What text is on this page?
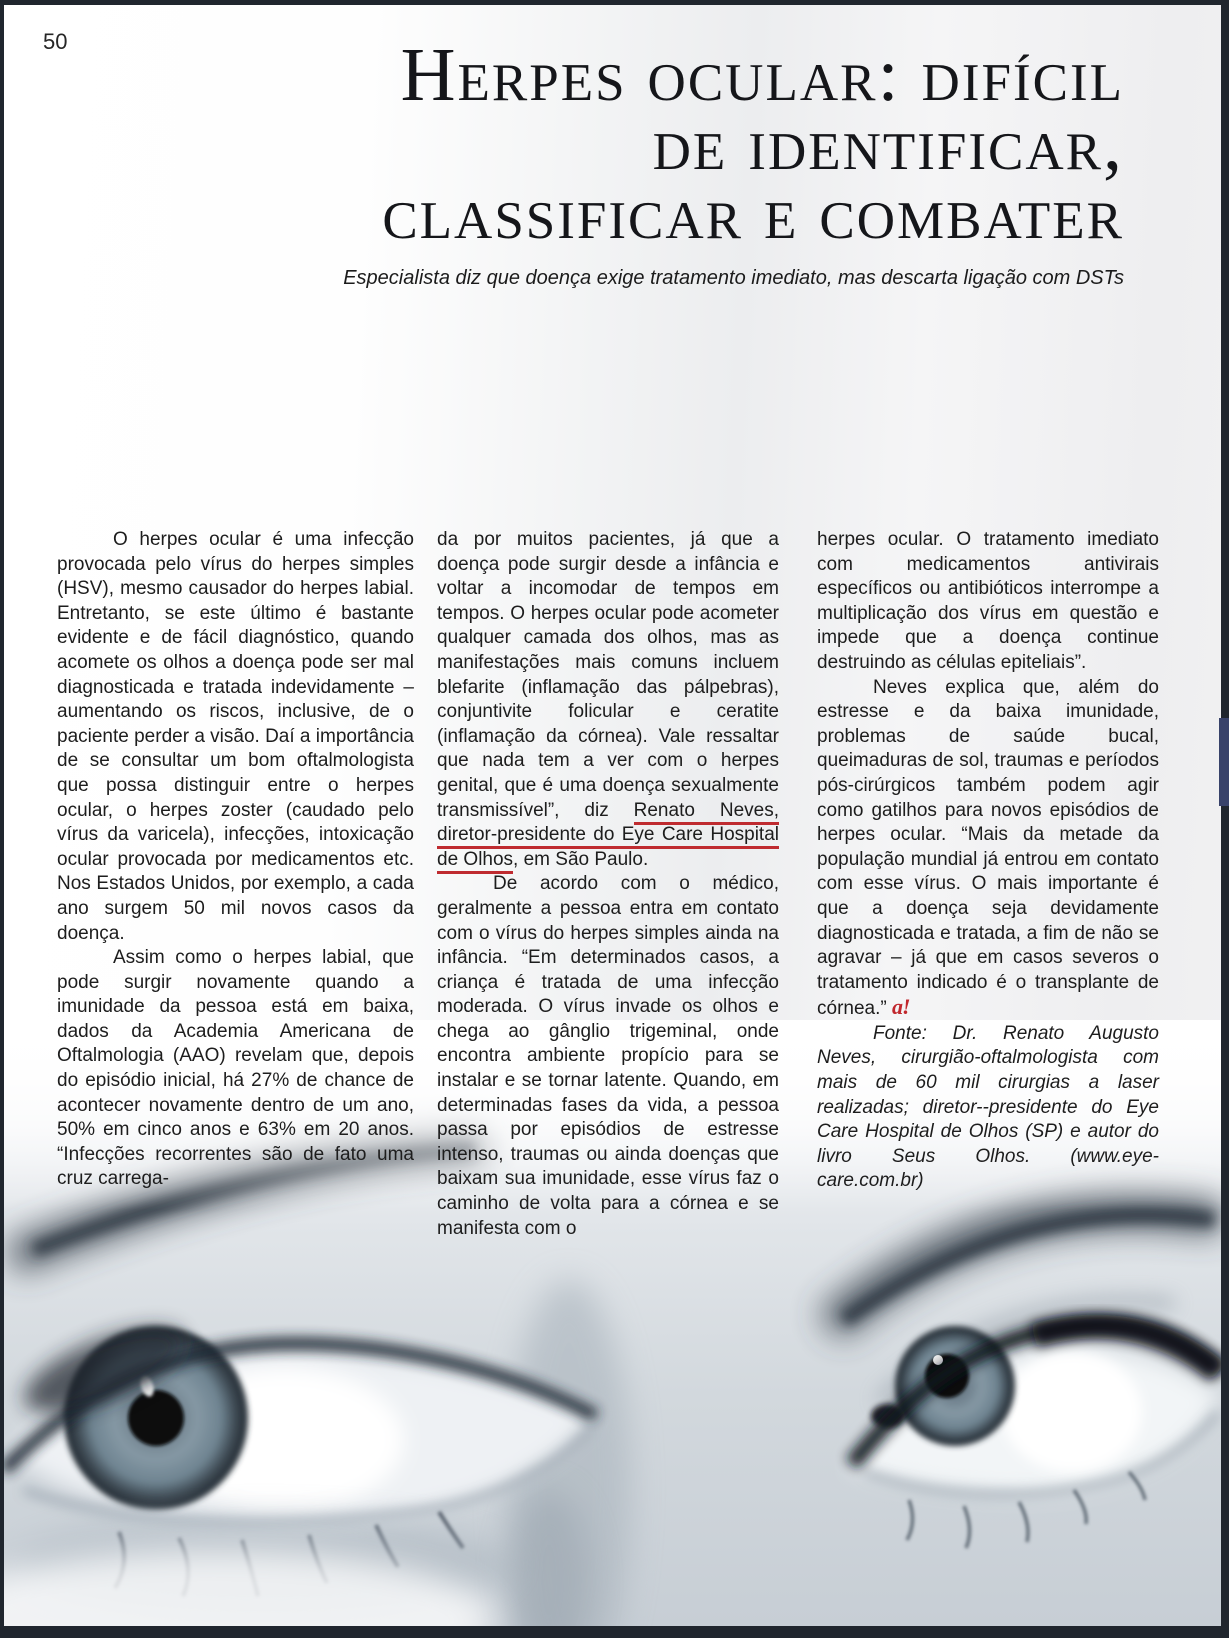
50	Herpes ocular: difícil
de identificar,
classificar e combater
Especialista diz que doença exige tratamento imediato, mas descarta ligação com DSTs

O herpes ocular é uma infecção provocada pelo vírus do herpes simples (HSV), mesmo causador do herpes labial. Entretanto, se este último é bastante evidente e de fácil diagnóstico, quando acomete os olhos a doença pode ser mal diagnosticada e tratada indevidamente – aumentando os riscos, inclusive, de o paciente perder a visão. Daí a importância de se consultar um bom oftalmologista que possa distinguir entre o herpes ocular, o herpes zoster (caudado pelo vírus da varicela), infecções, intoxicação ocular provocada por medicamentos etc. Nos Estados Unidos, por exemplo, a cada ano surgem 50 mil novos casos da doença.

Assim como o herpes labial, que pode surgir novamente quando a imunidade da pessoa está em baixa, dados da Academia Americana de Oftalmologia (AAO) revelam que, depois do episódio inicial, há 27% de chance de acontecer novamente dentro de um ano, 50% em cinco anos e 63% em 20 anos. “Infecções recorrentes são de fato uma cruz carrega-

da por muitos pacientes, já que a doença pode surgir desde a infância e voltar a incomodar de tempos em tempos. O herpes ocular pode acometer qualquer camada dos olhos, mas as manifestações mais comuns incluem blefarite (inflamação das pálpebras), conjuntivite folicular e ceratite (inflamação da córnea). Vale ressaltar que nada tem a ver com o herpes genital, que é uma doença sexualmente transmissível”, diz Renato Neves, diretor-presidente do Eye Care Hospital de Olhos, em São Paulo.

De acordo com o médico, geralmente a pessoa entra em contato com o vírus do herpes simples ainda na infância. “Em determinados casos, a criança é tratada de uma infecção moderada. O vírus invade os olhos e chega ao gânglio trigeminal, onde encontra ambiente propício para se instalar e se tornar latente. Quando, em determinadas fases da vida, a pessoa passa por episódios de estresse intenso, traumas ou ainda doenças que baixam sua imunidade, esse vírus faz o caminho de volta para a córnea e se manifesta com o

herpes ocular. O tratamento imediato com medicamentos antivirais específicos ou antibióticos interrompe a multiplicação dos vírus em questão e impede que a doença continue destruindo as células epiteliais”.

Neves explica que, além do estresse e da baixa imunidade, problemas de saúde bucal, queimaduras de sol, traumas e períodos pós-cirúrgicos também podem agir como gatilhos para novos episódios de herpes ocular. “Mais da metade da população mundial já entrou em contato com esse vírus. O mais importante é que a doença seja devidamente diagnosticada e tratada, a fim de não se agravar – já que em casos severos o tratamento indicado é o transplante de córnea.” a!

Fonte: Dr. Renato Augusto Neves, cirurgião-oftalmologista com mais de 60 mil cirurgias a laser realizadas; diretor--presidente do Eye Care Hospital de Olhos (SP) e autor do livro Seus Olhos. (www.eye-care.com.br)
